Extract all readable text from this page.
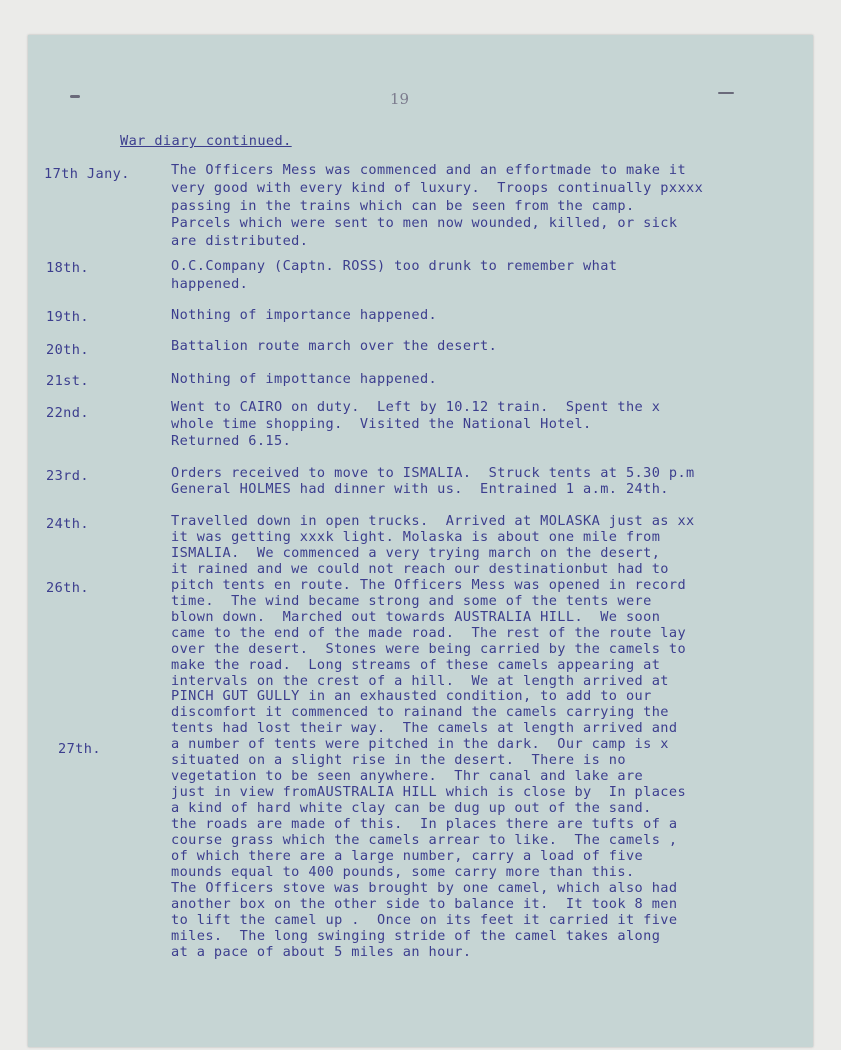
19
War diary continued.
17th Jany.
18th.
19th.
20th.
21st.
22nd.
23rd.
24th.
26th.
27th.
The Officers Mess was commenced and an effortmade to make it
very good with every kind of luxury.  Troops continually pxxxx
passing in the trains which can be seen from the camp.
Parcels which were sent to men now wounded, killed, or sick
are distributed.
O.C.Company (Captn. ROSS) too drunk to remember what
happened.
Nothing of importance happened.
Battalion route march over the desert.
Nothing of impottance happened.
Went to CAIRO on duty.  Left by 10.12 train.  Spent the x
whole time shopping.  Visited the National Hotel.
Returned 6.15.
Orders received to move to ISMALIA.  Struck tents at 5.30 p.m
General HOLMES had dinner with us.  Entrained 1 a.m. 24th.
Travelled down in open trucks.  Arrived at MOLASKA just as xx
it was getting xxxk light. Molaska is about one mile from
ISMALIA.  We commenced a very trying march on the desert,
it rained and we could not reach our destinationbut had to
pitch tents en route. The Officers Mess was opened in record
time.  The wind became strong and some of the tents were
blown down.  Marched out towards AUSTRALIA HILL.  We soon
came to the end of the made road.  The rest of the route lay
over the desert.  Stones were being carried by the camels to
make the road.  Long streams of these camels appearing at
intervals on the crest of a hill.  We at length arrived at
PINCH GUT GULLY in an exhausted condition, to add to our
discomfort it commenced to rainand the camels carrying the
tents had lost their way.  The camels at length arrived and
a number of tents were pitched in the dark.  Our camp is x
situated on a slight rise in the desert.  There is no
vegetation to be seen anywhere.  Thr canal and lake are
just in view fromAUSTRALIA HILL which is close by  In places
a kind of hard white clay can be dug up out of the sand.
the roads are made of this.  In places there are tufts of a
course grass which the camels arrear to like.  The camels ,
of which there are a large number, carry a load of five
mounds equal to 400 pounds, some carry more than this.
The Officers stove was brought by one camel, which also had
another box on the other side to balance it.  It took 8 men
to lift the camel up .  Once on its feet it carried it five
miles.  The long swinging stride of the camel takes along
at a pace of about 5 miles an hour.
